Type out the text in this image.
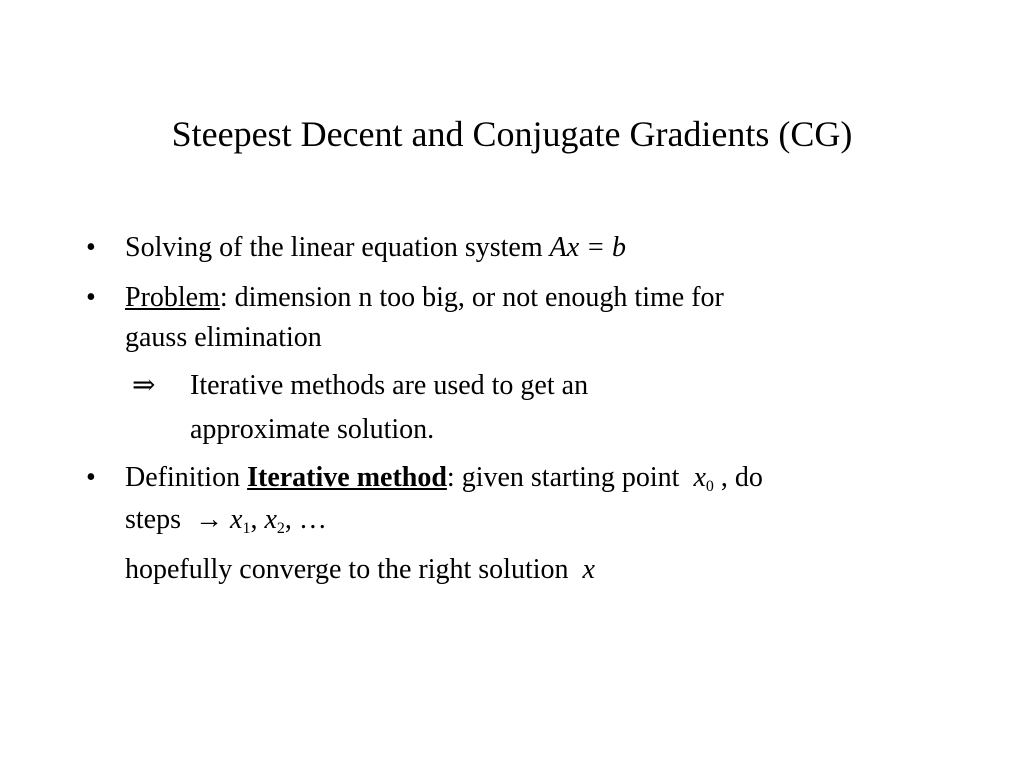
Steepest Decent and Conjugate Gradients (CG)
• Solving of the linear equation system Ax = b
• Problem: dimension n too big, or not enough time for
gauss elimination
⇒ Iterative methods are used to get an
approximate solution.
• Definition Iterative method: given starting point $x_0$ , do
steps → $x_1$, $x_2$, …
hopefully converge to the right solution x
